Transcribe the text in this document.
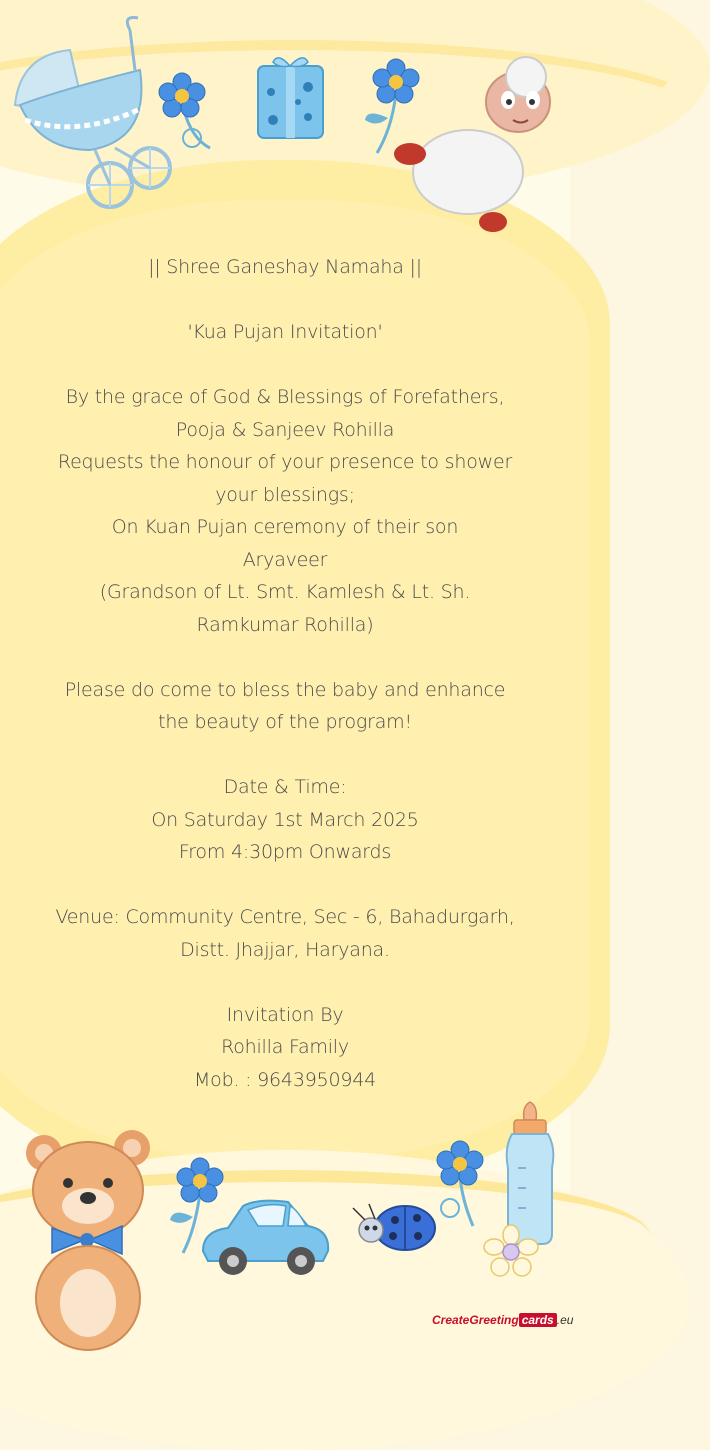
|| Shree Ganeshay Namaha ||
'Kua Pujan Invitation'
By the grace of God & Blessings of Forefathers,
Pooja & Sanjeev Rohilla
Requests the honour of your presence to shower
your blessings;
On Kuan Pujan ceremony of their son
Aryaveer
(Grandson of Lt. Smt. Kamlesh & Lt. Sh.
Ramkumar Rohilla)
Please do come to bless the baby and enhance
the beauty of the program!
Date & Time:
On Saturday 1st March 2025
From 4:30pm Onwards
Venue: Community Centre, Sec - 6, Bahadurgarh,
Distt. Jhajjar, Haryana.
Invitation By
Rohilla Family
Mob. : 9643950944
CreateGreeting cards .eu
